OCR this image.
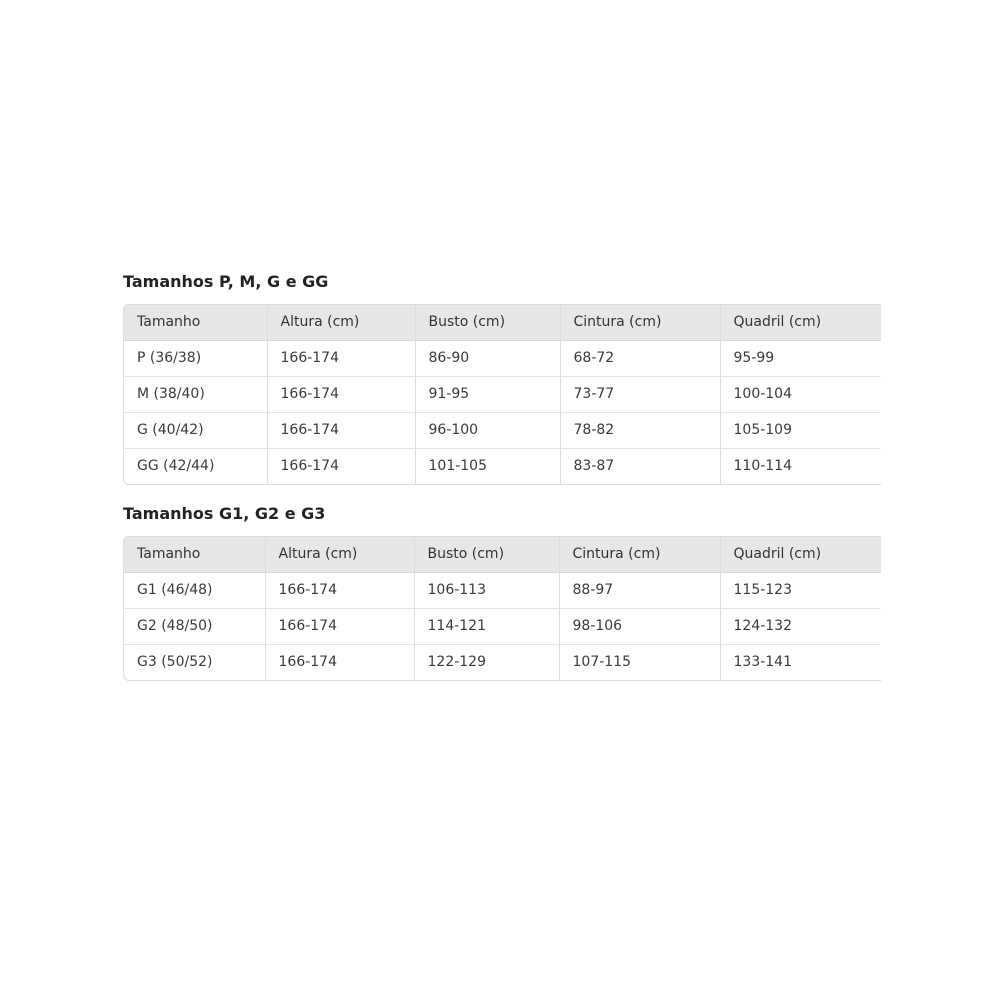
Tamanhos P, M, G e GG
Tamanho	Altura (cm)	Busto (cm)	Cintura (cm)	Quadril (cm)
P (36/38)	166-174	86-90	68-72	95-99
M (38/40)	166-174	91-95	73-77	100-104
G (40/42)	166-174	96-100	78-82	105-109
GG (42/44)	166-174	101-105	83-87	110-114
Tamanhos G1, G2 e G3
Tamanho	Altura (cm)	Busto (cm)	Cintura (cm)	Quadril (cm)
G1 (46/48)	166-174	106-113	88-97	115-123
G2 (48/50)	166-174	114-121	98-106	124-132
G3 (50/52)	166-174	122-129	107-115	133-141
